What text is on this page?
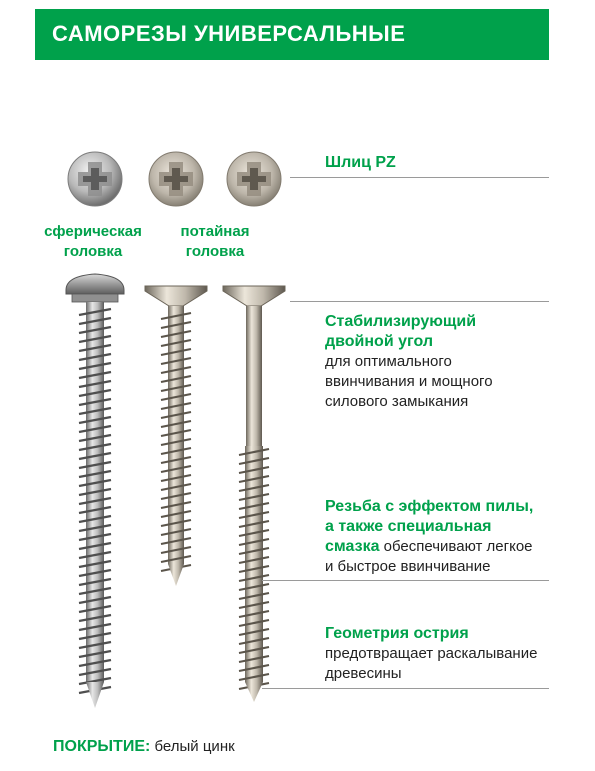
САМОРЕЗЫ УНИВЕРСАЛЬНЫЕ
Шлиц PZ
сферическая
головка
потайная
головка
Стабилизирующий
двойной угол
для оптимального
ввинчивания и мощного
силового замыкания
Резьба с эффектом пилы,
а также специальная
смазка обеспечивают легкое
и быстрое ввинчивание
Геометрия острия
предотвращает раскалывание
древесины
ПОКРЫТИЕ: белый цинк
